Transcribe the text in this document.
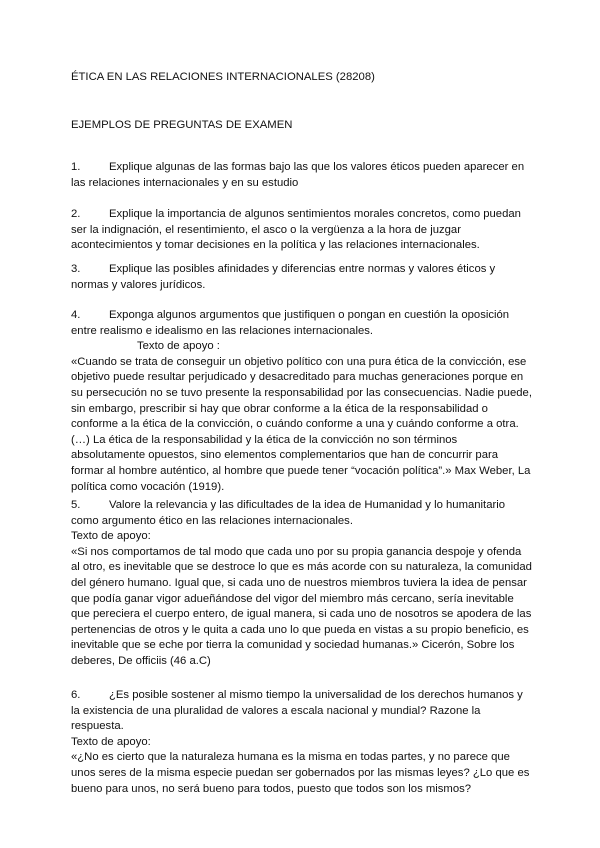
ÉTICA EN LAS RELACIONES INTERNACIONALES (28208)
EJEMPLOS DE PREGUNTAS DE EXAMEN

1.	Explique algunas de las formas bajo las que los valores éticos pueden aparecer en las relaciones internacionales y en su estudio

2.	Explique la importancia de algunos sentimientos morales concretos, como puedan ser la indignación, el resentimiento, el asco o la vergüenza a la hora de juzgar acontecimientos y tomar decisiones en la política y las relaciones internacionales.

3.	Explique las posibles afinidades y diferencias entre normas y valores éticos y normas y valores jurídicos.

4.	Exponga algunos argumentos que justifiquen o pongan en cuestión la oposición entre realismo e idealismo en las relaciones internacionales.

Texto de apoyo :

«Cuando se trata de conseguir un objetivo político con una pura ética de la convicción, ese objetivo puede resultar perjudicado y desacreditado para muchas generaciones porque en su persecución no se tuvo presente la responsabilidad por las consecuencias. Nadie puede, sin embargo, prescribir si hay que obrar conforme a la ética de la responsabilidad o conforme a la ética de la convicción, o cuándo conforme a una y cuándo conforme a otra. (…) La ética de la responsabilidad y la ética de la convicción no son términos absolutamente opuestos, sino elementos complementarios que han de concurrir para formar al hombre auténtico, al hombre que puede tener “vocación política”.» Max Weber, La política como vocación (1919).

5.	Valore la relevancia y las dificultades de la idea de Humanidad y lo humanitario como argumento ético en las relaciones internacionales.

Texto de apoyo:

«Si nos comportamos de tal modo que cada uno por su propia ganancia despoje y ofenda al otro, es inevitable que se destroce lo que es más acorde con su naturaleza, la comunidad del género humano. Igual que, si cada uno de nuestros miembros tuviera la idea de pensar que podía ganar vigor adueñándose del vigor del miembro más cercano, sería inevitable que pereciera el cuerpo entero, de igual manera, si cada uno de nosotros se apodera de las pertenencias de otros y le quita a cada uno lo que pueda en vistas a su propio beneficio, es inevitable que se eche por tierra la comunidad y sociedad humanas.» Cicerón, Sobre los deberes, De officiis (46 a.C)

6.	¿Es posible sostener al mismo tiempo la universalidad de los derechos humanos y la existencia de una pluralidad de valores a escala nacional y mundial? Razone la respuesta.

Texto de apoyo:

«¿No es cierto que la naturaleza humana es la misma en todas partes, y no parece que unos seres de la misma especie puedan ser gobernados por las mismas leyes? ¿Lo que es bueno para unos, no será bueno para todos, puesto que todos son los mismos?
